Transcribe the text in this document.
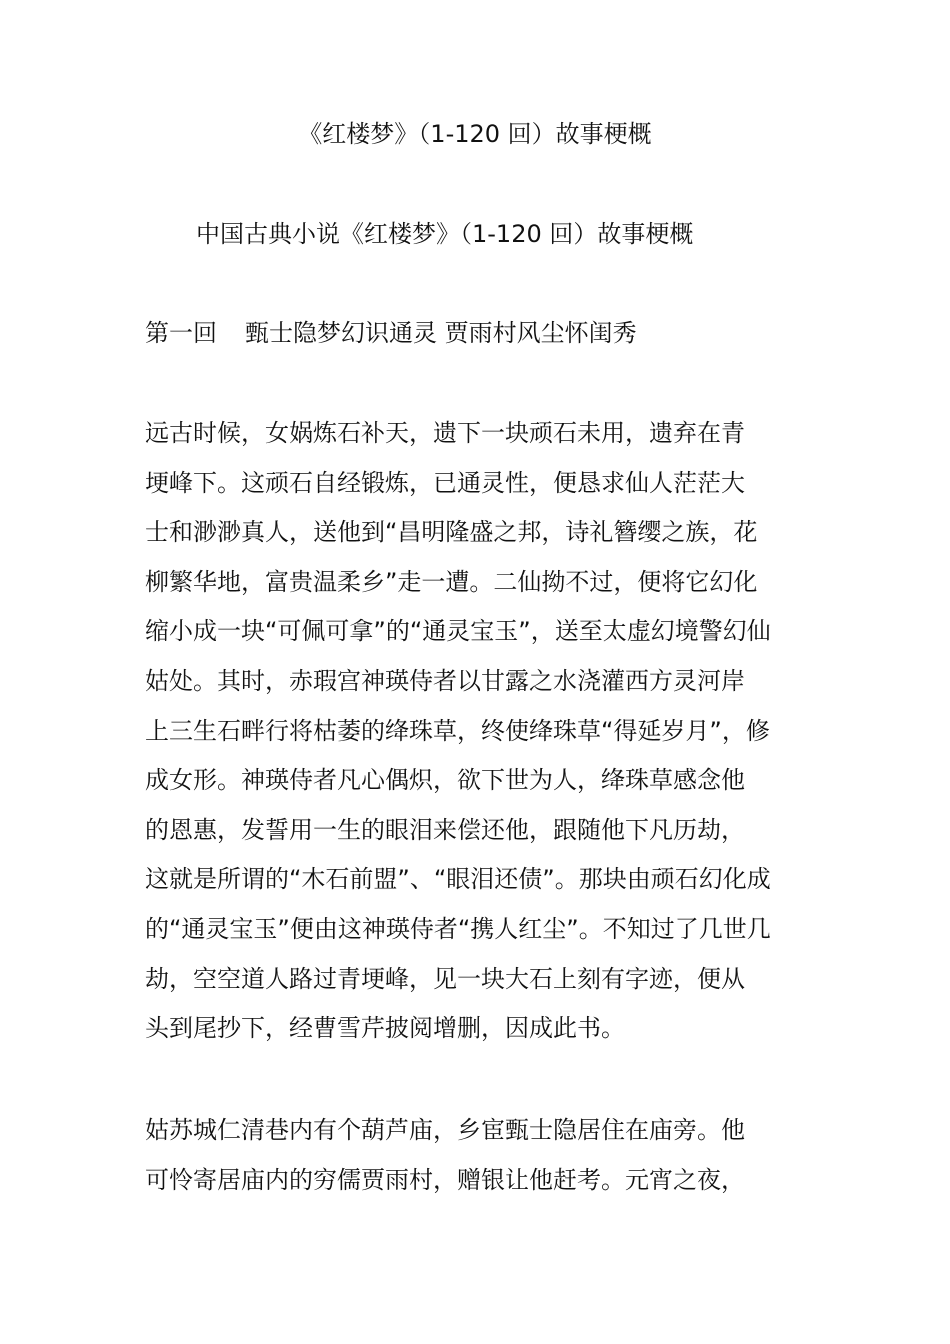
《红楼梦》（1-120 回）故事梗概
中国古典小说《红楼梦》（1-120 回）故事梗概
第一回 甄士隐梦幻识通灵 贾雨村风尘怀闺秀
远古时候，女娲炼石补天，遗下一块顽石未用，遗弃在青
埂峰下。这顽石自经锻炼，已通灵性，便恳求仙人茫茫大
士和渺渺真人，送他到“昌明隆盛之邦，诗礼簪缨之族，花
柳繁华地，富贵温柔乡”走一遭。二仙拗不过，便将它幻化
缩小成一块“可佩可拿”的“通灵宝玉”，送至太虚幻境警幻仙
姑处。其时，赤瑕宫神瑛侍者以甘露之水浇灌西方灵河岸
上三生石畔行将枯萎的绛珠草，终使绛珠草“得延岁月”，修
成女形。神瑛侍者凡心偶炽，欲下世为人，绛珠草感念他
的恩惠，发誓用一生的眼泪来偿还他，跟随他下凡历劫，
这就是所谓的“木石前盟”、“眼泪还债”。那块由顽石幻化成
的“通灵宝玉”便由这神瑛侍者“携人红尘”。不知过了几世几
劫，空空道人路过青埂峰，见一块大石上刻有字迹，便从
头到尾抄下，经曹雪芹披阅增删，因成此书。
姑苏城仁清巷内有个葫芦庙，乡宦甄士隐居住在庙旁。他
可怜寄居庙内的穷儒贾雨村，赠银让他赶考。元宵之夜，
